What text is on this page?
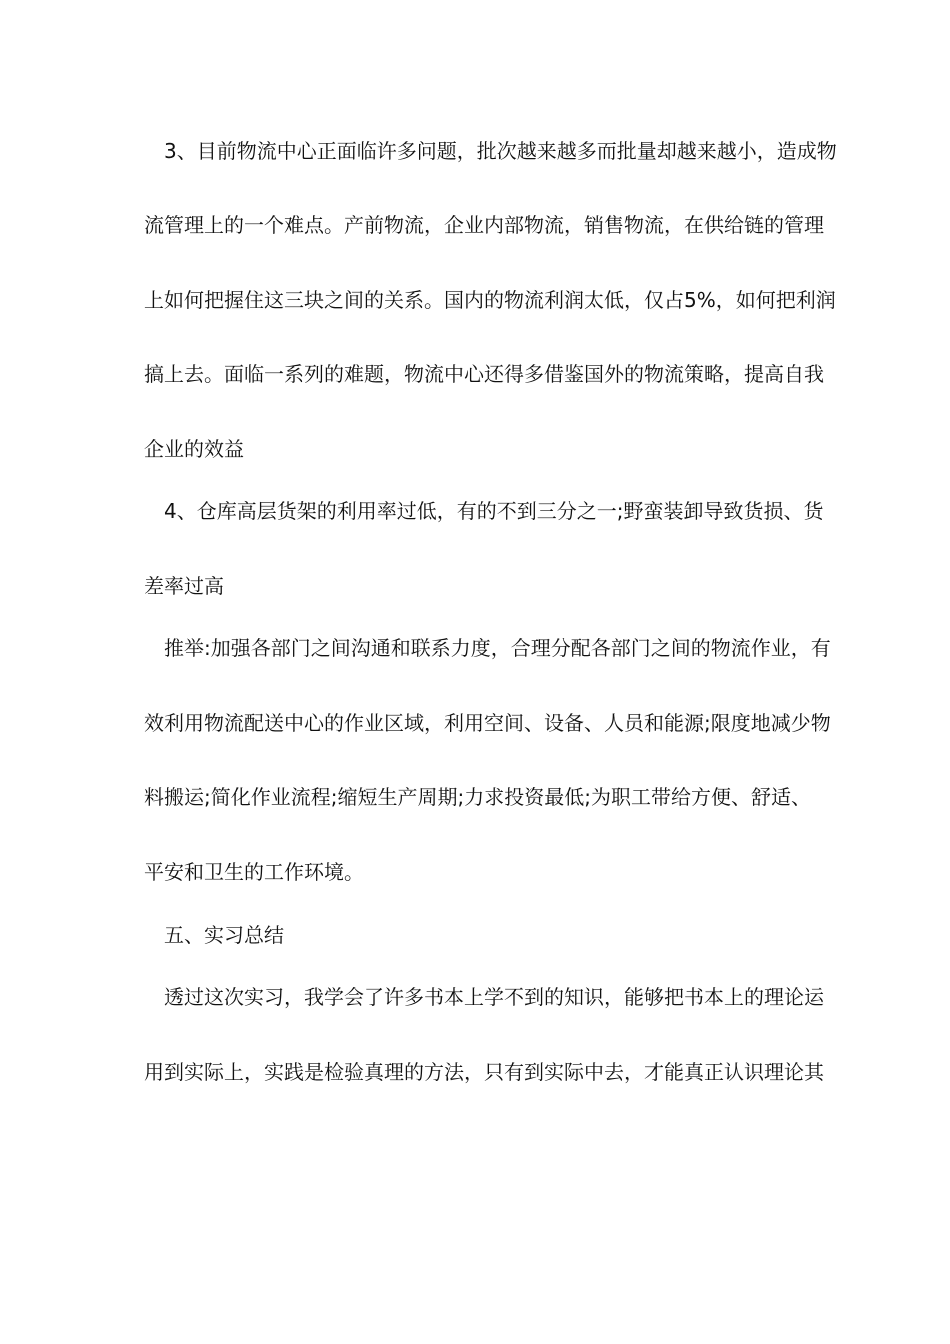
3、目前物流中心正面临许多问题，批次越来越多而批量却越来越小，造成物
流管理上的一个难点。产前物流，企业内部物流，销售物流，在供给链的管理
上如何把握住这三块之间的关系。国内的物流利润太低，仅占5%，如何把利润
搞上去。面临一系列的难题，物流中心还得多借鉴国外的物流策略，提高自我
企业的效益
4、仓库高层货架的利用率过低，有的不到三分之一;野蛮装卸导致货损、货
差率过高
推举:加强各部门之间沟通和联系力度，合理分配各部门之间的物流作业，有
效利用物流配送中心的作业区域，利用空间、设备、人员和能源;限度地减少物
料搬运;简化作业流程;缩短生产周期;力求投资最低;为职工带给方便、舒适、
平安和卫生的工作环境。
五、实习总结
透过这次实习，我学会了许多书本上学不到的知识，能够把书本上的理论运
用到实际上，实践是检验真理的方法，只有到实际中去，才能真正认识理论其
